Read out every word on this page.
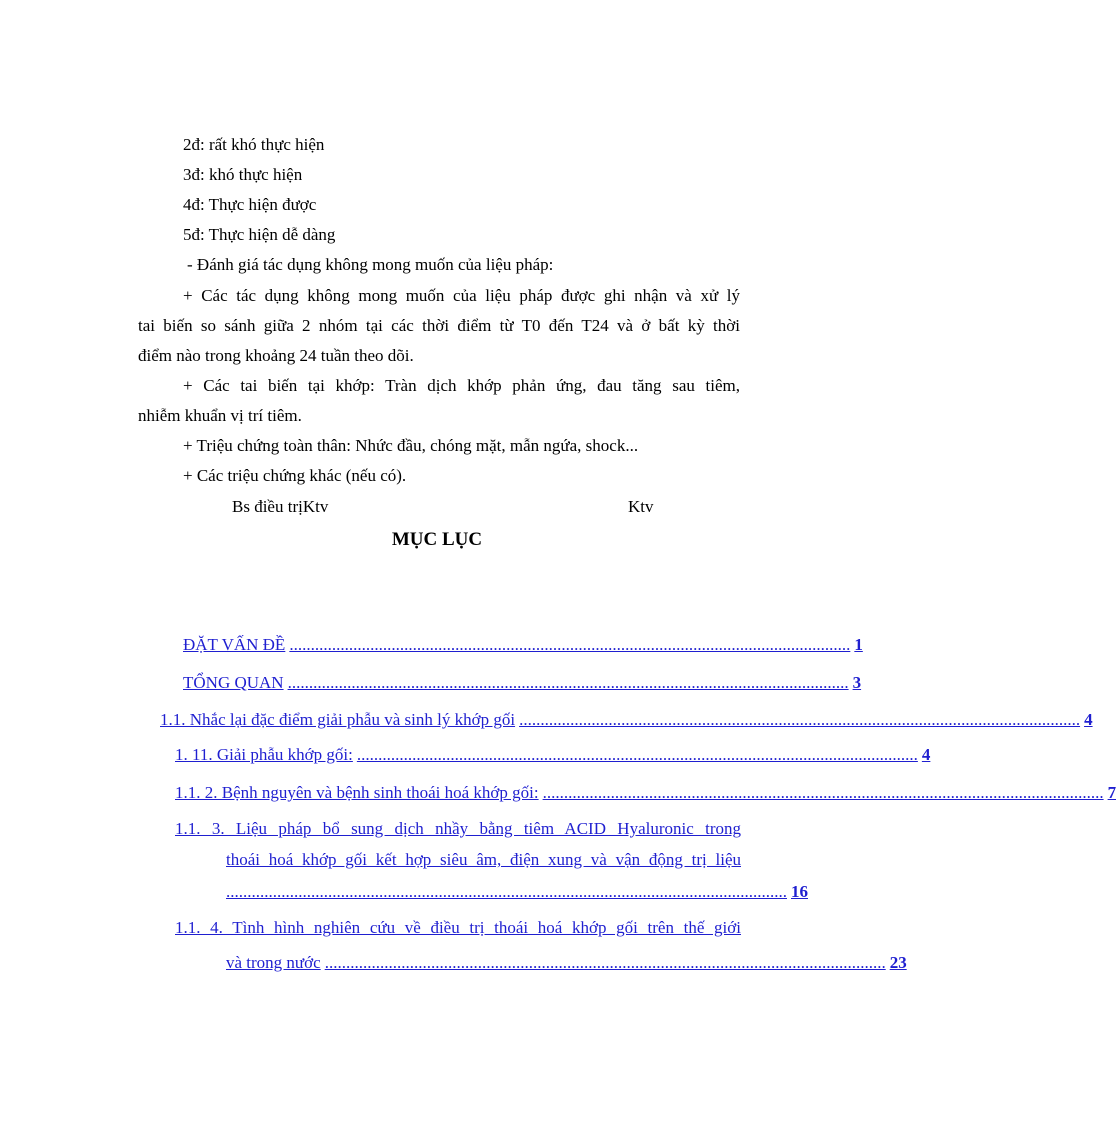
2đ: rất khó thực hiện
3đ: khó thực hiện
4đ: Thực hiện được
5đ: Thực hiện dễ dàng
- Đánh giá tác dụng không mong muốn của liệu pháp:
+ Các tác dụng không mong muốn của liệu pháp được ghi nhận và xử lý
tai biến so sánh giữa 2 nhóm tại các thời điểm từ T0 đến T24 và ở bất kỳ thời
điểm nào trong khoảng 24 tuần theo dõi.
+ Các tai biến tại khớp: Tràn dịch khớp phản ứng, đau tăng sau tiêm,
nhiễm khuẩn vị trí tiêm.
+ Triệu chứng toàn thân: Nhức đầu, chóng mặt, mẫn ngứa, shock...
+ Các triệu chứng khác (nếu có).
Bs điều trịKtv	Ktv
MỤC LỤC
ĐẶT VẤN ĐỀ .................................................................................................................................... 1
TỔNG QUAN .................................................................................................................................... 3
1.1. Nhắc lại đặc điểm giải phẫu và sinh lý khớp gối .................................................................................................................................... 4
1. 11. Giải phẫu khớp gối: .................................................................................................................................... 4
1.1. 2. Bệnh nguyên và bệnh sinh thoái hoá khớp gối: .................................................................................................................................... 7
1.1. 3. Liệu pháp bổ sung dịch nhầy bằng tiêm ACID Hyaluronic trong
thoái hoá khớp gối kết hợp siêu âm, điện xung và vận động trị liệu
.................................................................................................................................... 16
1.1. 4. Tình hình nghiên cứu về điều trị thoái hoá khớp gối trên thế giới
và trong nước .................................................................................................................................... 23
